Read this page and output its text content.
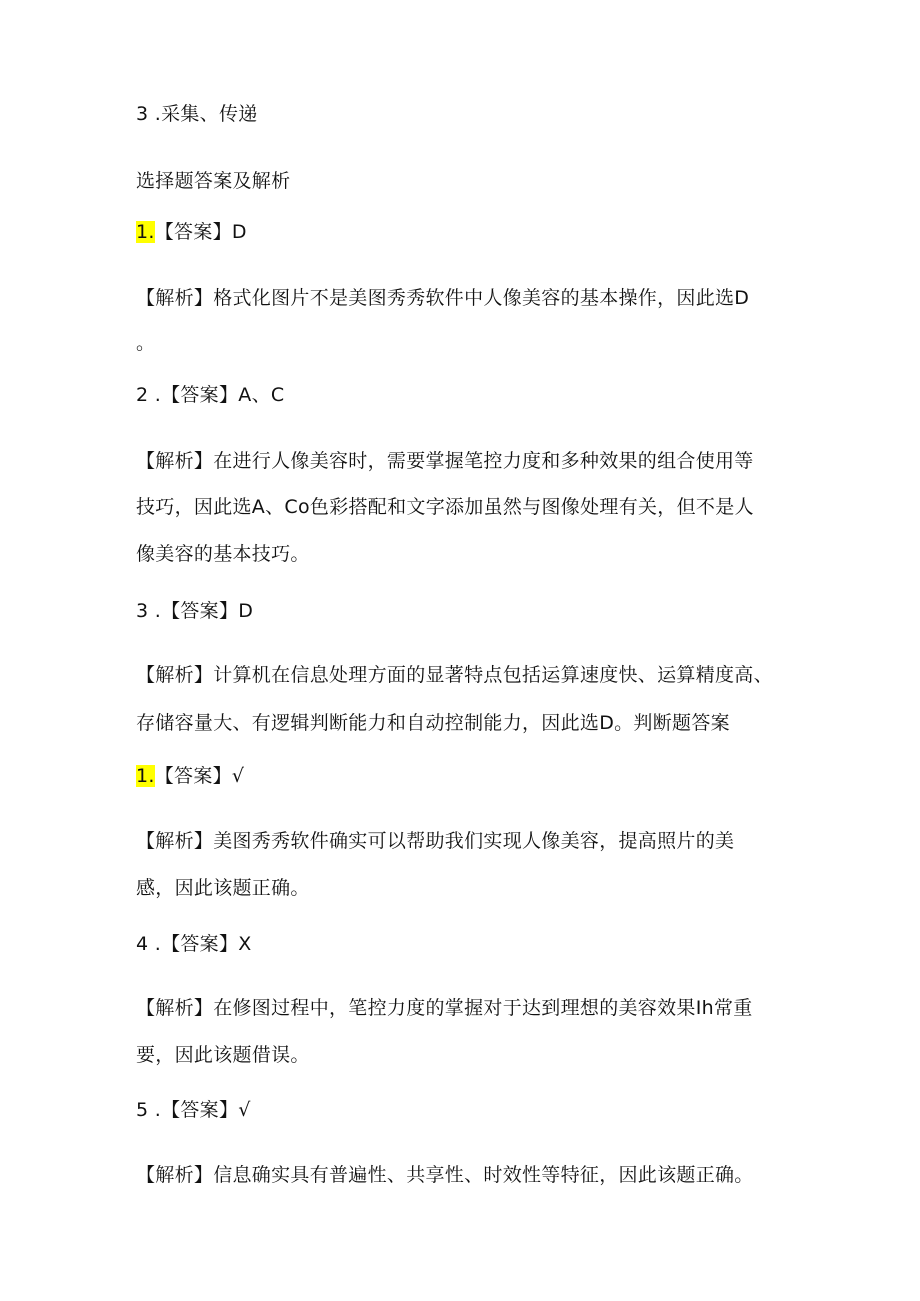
3 .采集、传递
选择题答案及解析
1.【答案】D
【解析】格式化图片不是美图秀秀软件中人像美容的基本操作，因此选D
。
2 .【答案】A、C
【解析】在进行人像美容时，需要掌握笔控力度和多种效果的组合使用等
技巧，因此选A、Co色彩搭配和文字添加虽然与图像处理有关，但不是人
像美容的基本技巧。
3 .【答案】D
【解析】计算机在信息处理方面的显著特点包括运算速度快、运算精度高、
存储容量大、有逻辑判断能力和自动控制能力，因此选D。判断题答案
1.【答案】√
【解析】美图秀秀软件确实可以帮助我们实现人像美容，提高照片的美
感，因此该题正确。
4 .【答案】X
【解析】在修图过程中，笔控力度的掌握对于达到理想的美容效果Ih常重
要，因此该题借误。
5 .【答案】√
【解析】信息确实具有普遍性、共享性、时效性等特征，因此该题正确。
